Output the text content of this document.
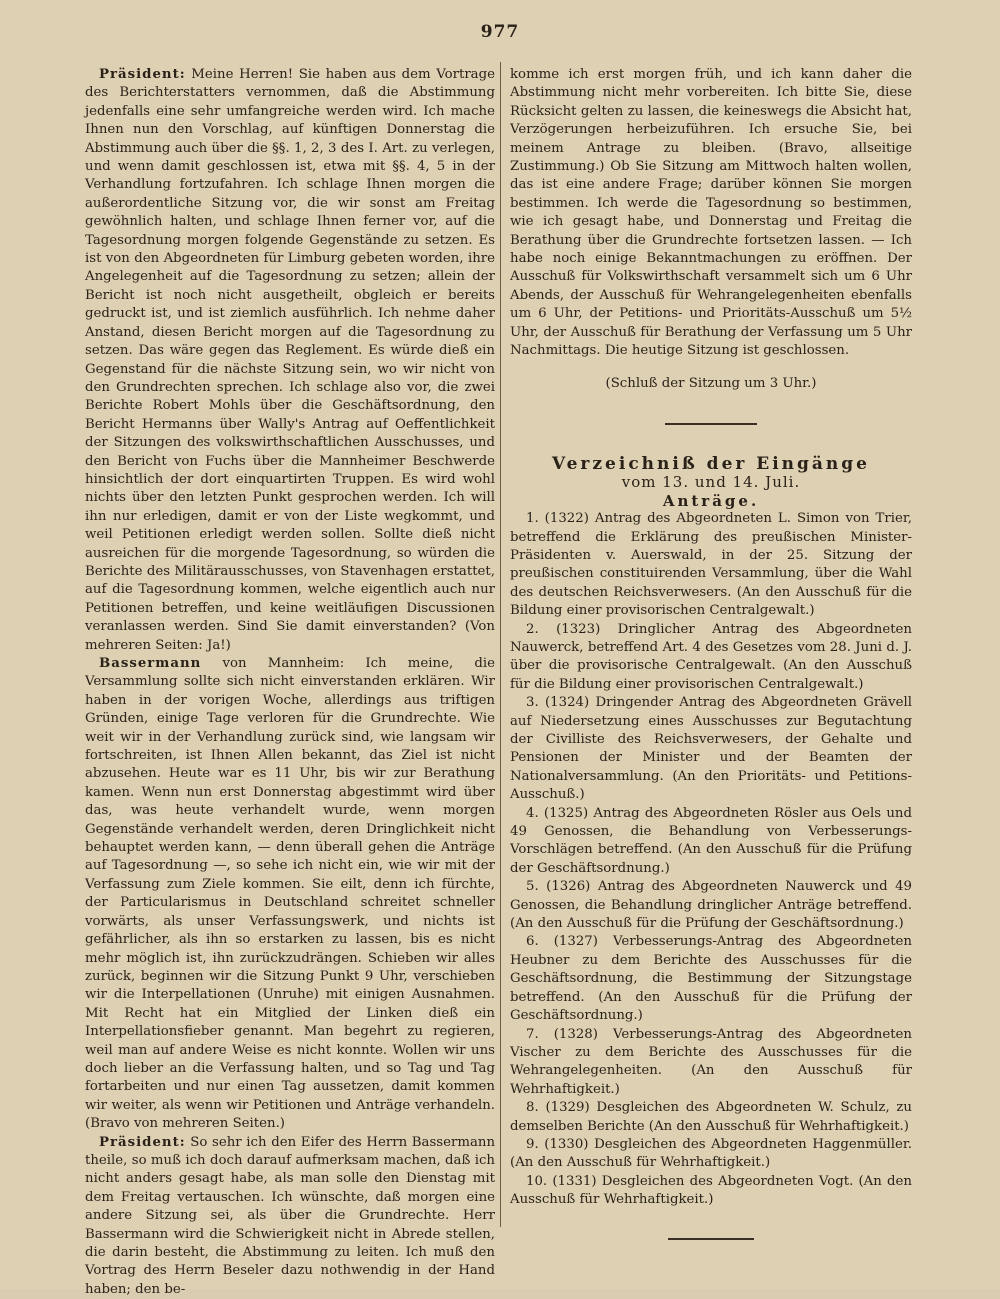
977

Präsident: Meine Herren! Sie haben aus dem Vortrage des Berichterstatters vernommen, daß die Abstimmung jedenfalls eine sehr umfangreiche werden wird. Ich mache Ihnen nun den Vorschlag, auf künftigen Donnerstag die Abstimmung auch über die §§. 1, 2, 3 des I. Art. zu verlegen, und wenn damit geschlossen ist, etwa mit §§. 4, 5 in der Verhandlung fortzufahren. Ich schlage Ihnen morgen die außerordentliche Sitzung vor, die wir sonst am Freitag gewöhnlich halten, und schlage Ihnen ferner vor, auf die Tagesordnung morgen folgende Gegenstände zu setzen. Es ist von den Abgeordneten für Limburg gebeten worden, ihre Angelegenheit auf die Tagesordnung zu setzen; allein der Bericht ist noch nicht ausgetheilt, obgleich er bereits gedruckt ist, und ist ziemlich ausführlich. Ich nehme daher Anstand, diesen Bericht morgen auf die Tagesordnung zu setzen. Das wäre gegen das Reglement. Es würde dieß ein Gegenstand für die nächste Sitzung sein, wo wir nicht von den Grundrechten sprechen. Ich schlage also vor, die zwei Berichte Robert Mohls über die Geschäftsordnung, den Bericht Hermanns über Wally's Antrag auf Oeffentlichkeit der Sitzungen des volkswirthschaftlichen Ausschusses, und den Bericht von Fuchs über die Mannheimer Beschwerde hinsichtlich der dort einquartirten Truppen. Es wird wohl nichts über den letzten Punkt gesprochen werden. Ich will ihn nur erledigen, damit er von der Liste wegkommt, und weil Petitionen erledigt werden sollen. Sollte dieß nicht ausreichen für die morgende Tagesordnung, so würden die Berichte des Militärausschusses, von Stavenhagen erstattet, auf die Tagesordnung kommen, welche eigentlich auch nur Petitionen betreffen, und keine weitläufigen Discussionen veranlassen werden. Sind Sie damit einverstanden? (Von mehreren Seiten: Ja!)

Bassermann von Mannheim: Ich meine, die Versammlung sollte sich nicht einverstanden erklären. Wir haben in der vorigen Woche, allerdings aus triftigen Gründen, einige Tage verloren für die Grundrechte. Wie weit wir in der Verhandlung zurück sind, wie langsam wir fortschreiten, ist Ihnen Allen bekannt, das Ziel ist nicht abzusehen. Heute war es 11 Uhr, bis wir zur Berathung kamen. Wenn nun erst Donnerstag abgestimmt wird über das, was heute verhandelt wurde, wenn morgen Gegenstände verhandelt werden, deren Dringlichkeit nicht behauptet werden kann, — denn überall gehen die Anträge auf Tagesordnung —, so sehe ich nicht ein, wie wir mit der Verfassung zum Ziele kommen. Sie eilt, denn ich fürchte, der Particularismus in Deutschland schreitet schneller vorwärts, als unser Verfassungswerk, und nichts ist gefährlicher, als ihn so erstarken zu lassen, bis es nicht mehr möglich ist, ihn zurückzudrängen. Schieben wir alles zurück, beginnen wir die Sitzung Punkt 9 Uhr, verschieben wir die Interpellationen (Unruhe) mit einigen Ausnahmen. Mit Recht hat ein Mitglied der Linken dieß ein Interpellationsfieber genannt. Man begehrt zu regieren, weil man auf andere Weise es nicht konnte. Wollen wir uns doch lieber an die Verfassung halten, und so Tag und Tag fortarbeiten und nur einen Tag aussetzen, damit kommen wir weiter, als wenn wir Petitionen und Anträge verhandeln. (Bravo von mehreren Seiten.)

Präsident: So sehr ich den Eifer des Herrn Bassermann theile, so muß ich doch darauf aufmerksam machen, daß ich nicht anders gesagt habe, als man solle den Dienstag mit dem Freitag vertauschen. Ich wünschte, daß morgen eine andere Sitzung sei, als über die Grundrechte. Herr Bassermann wird die Schwierigkeit nicht in Abrede stellen, die darin besteht, die Abstimmung zu leiten. Ich muß den Vortrag des Herrn Beseler dazu nothwendig in der Hand haben; den be-

komme ich erst morgen früh, und ich kann daher die Abstimmung nicht mehr vorbereiten. Ich bitte Sie, diese Rücksicht gelten zu lassen, die keineswegs die Absicht hat, Verzögerungen herbeizuführen. Ich ersuche Sie, bei meinem Antrage zu bleiben. (Bravo, allseitige Zustimmung.) Ob Sie Sitzung am Mittwoch halten wollen, das ist eine andere Frage; darüber können Sie morgen bestimmen. Ich werde die Tagesordnung so bestimmen, wie ich gesagt habe, und Donnerstag und Freitag die Berathung über die Grundrechte fortsetzen lassen. — Ich habe noch einige Bekanntmachungen zu eröffnen. Der Ausschuß für Volkswirthschaft versammelt sich um 6 Uhr Abends, der Ausschuß für Wehrangelegenheiten ebenfalls um 6 Uhr, der Petitions- und Prioritäts-Ausschuß um 5½ Uhr, der Ausschuß für Berathung der Verfassung um 5 Uhr Nachmittags. Die heutige Sitzung ist geschlossen.

(Schluß der Sitzung um 3 Uhr.)

Verzeichniß der Eingänge

vom 13. und 14. Juli.

Anträge.

1. (1322) Antrag des Abgeordneten L. Simon von Trier, betreffend die Erklärung des preußischen Minister-Präsidenten v. Auerswald, in der 25. Sitzung der preußischen constituirenden Versammlung, über die Wahl des deutschen Reichsverwesers. (An den Ausschuß für die Bildung einer provisorischen Centralgewalt.)

2. (1323) Dringlicher Antrag des Abgeordneten Nauwerck, betreffend Art. 4 des Gesetzes vom 28. Juni d. J. über die provisorische Centralgewalt. (An den Ausschuß für die Bildung einer provisorischen Centralgewalt.)

3. (1324) Dringender Antrag des Abgeordneten Grävell auf Niedersetzung eines Ausschusses zur Begutachtung der Civilliste des Reichsverwesers, der Gehalte und Pensionen der Minister und der Beamten der Nationalversammlung. (An den Prioritäts- und Petitions-Ausschuß.)

4. (1325) Antrag des Abgeordneten Rösler aus Oels und 49 Genossen, die Behandlung von Verbesserungs-Vorschlägen betreffend. (An den Ausschuß für die Prüfung der Geschäftsordnung.)

5. (1326) Antrag des Abgeordneten Nauwerck und 49 Genossen, die Behandlung dringlicher Anträge betreffend. (An den Ausschuß für die Prüfung der Geschäftsordnung.)

6. (1327) Verbesserungs-Antrag des Abgeordneten Heubner zu dem Berichte des Ausschusses für die Geschäftsordnung, die Bestimmung der Sitzungstage betreffend. (An den Ausschuß für die Prüfung der Geschäftsordnung.)

7. (1328) Verbesserungs-Antrag des Abgeordneten Vischer zu dem Berichte des Ausschusses für die Wehrangelegenheiten. (An den Ausschuß für Wehrhaftigkeit.)

8. (1329) Desgleichen des Abgeordneten W. Schulz, zu demselben Berichte (An den Ausschuß für Wehrhaftigkeit.)

9. (1330) Desgleichen des Abgeordneten Haggenmüller. (An den Ausschuß für Wehrhaftigkeit.)

10. (1331) Desgleichen des Abgeordneten Vogt. (An den Ausschuß für Wehrhaftigkeit.)
